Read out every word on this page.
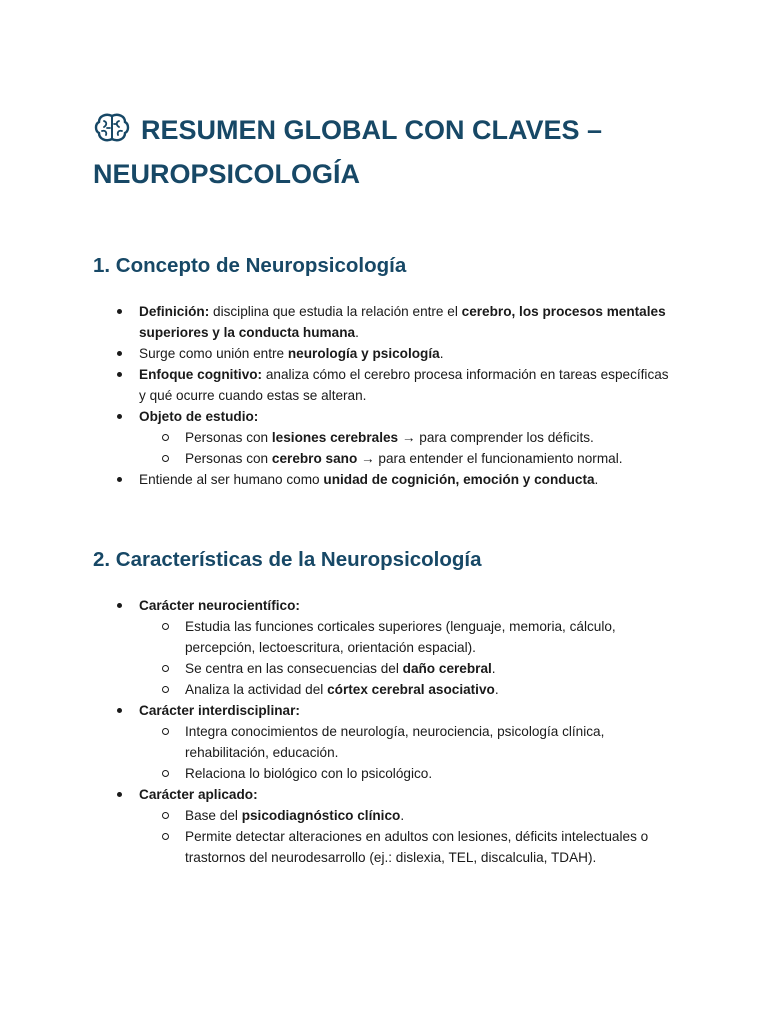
RESUMEN GLOBAL CON CLAVES –
NEUROPSICOLOGÍA
1. Concepto de Neuropsicología
Definición: disciplina que estudia la relación entre el cerebro, los procesos mentales superiores y la conducta humana.
Surge como unión entre neurología y psicología.
Enfoque cognitivo: analiza cómo el cerebro procesa información en tareas específicas y qué ocurre cuando estas se alteran.
Objeto de estudio:
Personas con lesiones cerebrales → para comprender los déficits.
Personas con cerebro sano → para entender el funcionamiento normal.
Entiende al ser humano como unidad de cognición, emoción y conducta.
2. Características de la Neuropsicología
Carácter neurocientífico:
Estudia las funciones corticales superiores (lenguaje, memoria, cálculo, percepción, lectoescritura, orientación espacial).
Se centra en las consecuencias del daño cerebral.
Analiza la actividad del córtex cerebral asociativo.
Carácter interdisciplinar:
Integra conocimientos de neurología, neurociencia, psicología clínica, rehabilitación, educación.
Relaciona lo biológico con lo psicológico.
Carácter aplicado:
Base del psicodiagnóstico clínico.
Permite detectar alteraciones en adultos con lesiones, déficits intelectuales o trastornos del neurodesarrollo (ej.: dislexia, TEL, discalculia, TDAH).
